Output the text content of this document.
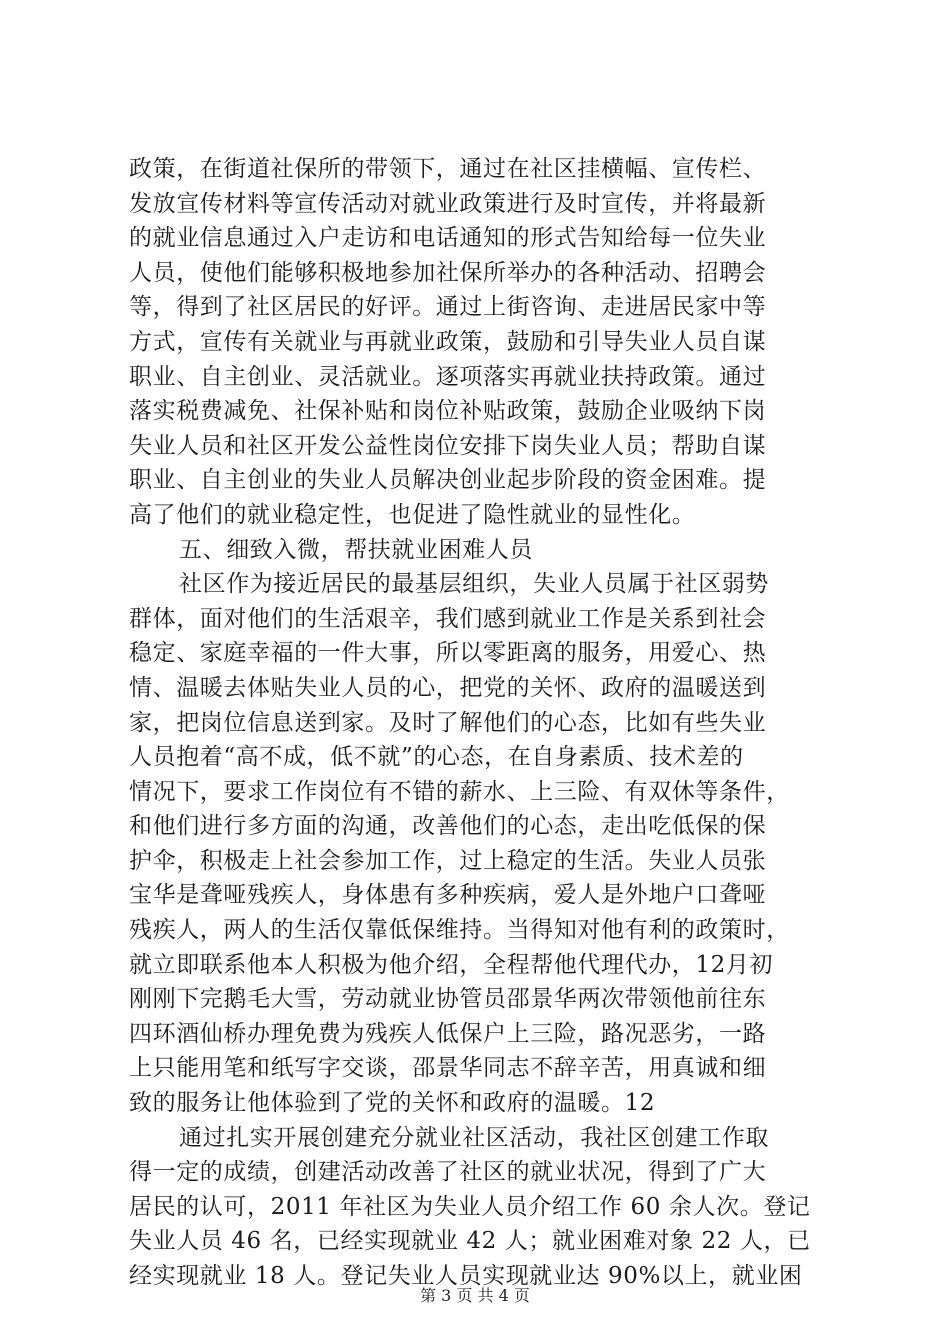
政策，在街道社保所的带领下，通过在社区挂横幅、宣传栏、
发放宣传材料等宣传活动对就业政策进行及时宣传，并将最新
的就业信息通过入户走访和电话通知的形式告知给每一位失业
人员，使他们能够积极地参加社保所举办的各种活动、招聘会
等，得到了社区居民的好评。通过上街咨询、走进居民家中等
方式，宣传有关就业与再就业政策，鼓励和引导失业人员自谋
职业、自主创业、灵活就业。逐项落实再就业扶持政策。通过
落实税费减免、社保补贴和岗位补贴政策，鼓励企业吸纳下岗
失业人员和社区开发公益性岗位安排下岗失业人员；帮助自谋
职业、自主创业的失业人员解决创业起步阶段的资金困难。提
高了他们的就业稳定性，也促进了隐性就业的显性化。
五、细致入微，帮扶就业困难人员
社区作为接近居民的最基层组织，失业人员属于社区弱势
群体，面对他们的生活艰辛，我们感到就业工作是关系到社会
稳定、家庭幸福的一件大事，所以零距离的服务，用爱心、热
情、温暖去体贴失业人员的心，把党的关怀、政府的温暖送到
家，把岗位信息送到家。及时了解他们的心态，比如有些失业
人员抱着“高不成，低不就”的心态，在自身素质、技术差的
情况下，要求工作岗位有不错的薪水、上三险、有双休等条件，
和他们进行多方面的沟通，改善他们的心态，走出吃低保的保
护伞，积极走上社会参加工作，过上稳定的生活。失业人员张
宝华是聋哑残疾人，身体患有多种疾病，爱人是外地户口聋哑
残疾人，两人的生活仅靠低保维持。当得知对他有利的政策时，
就立即联系他本人积极为他介绍，全程帮他代理代办，12月初
刚刚下完鹅毛大雪，劳动就业协管员邵景华两次带领他前往东
四环酒仙桥办理免费为残疾人低保户上三险，路况恶劣，一路
上只能用笔和纸写字交谈，邵景华同志不辞辛苦，用真诚和细
致的服务让他体验到了党的关怀和政府的温暖。12
通过扎实开展创建充分就业社区活动，我社区创建工作取
得一定的成绩，创建活动改善了社区的就业状况，得到了广大
居民的认可，2011 年社区为失业人员介绍工作 60 余人次。登记
失业人员 46 名，已经实现就业 42 人；就业困难对象 22 人，已
经实现就业 18 人。登记失业人员实现就业达 90%以上，就业困
第 3 页 共 4 页
